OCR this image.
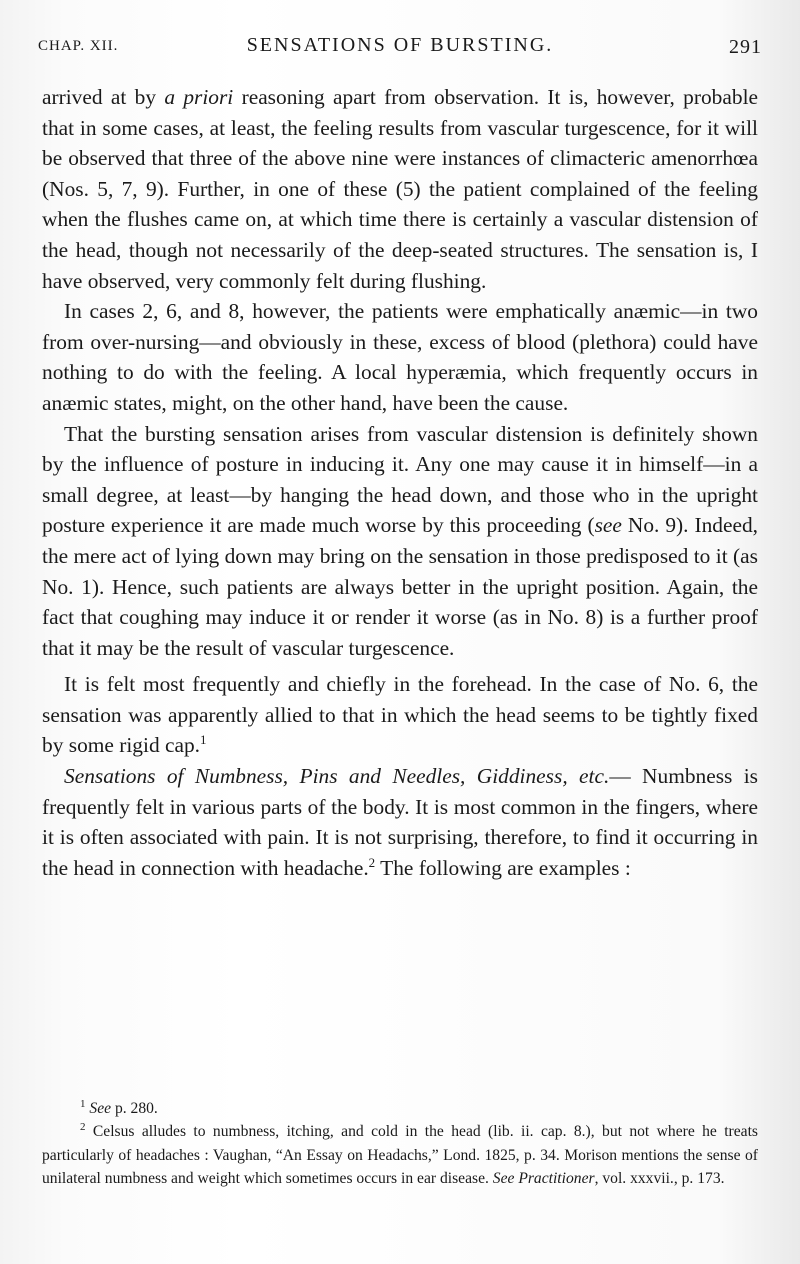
CHAP. XII.	SENSATIONS OF BURSTING.	291

arrived at by a priori reasoning apart from observation. It is, however, probable that in some cases, at least, the feeling results from vascular turgescence, for it will be observed that three of the above nine were instances of climacteric amenorrhœa (Nos. 5, 7, 9). Further, in one of these (5) the patient complained of the feeling when the flushes came on, at which time there is certainly a vascular distension of the head, though not necessarily of the deep-seated structures. The sensation is, I have observed, very commonly felt during flushing.

In cases 2, 6, and 8, however, the patients were emphatically anæmic—in two from over-nursing—and obviously in these, excess of blood (plethora) could have nothing to do with the feeling. A local hyperæmia, which frequently occurs in anæmic states, might, on the other hand, have been the cause.

That the bursting sensation arises from vascular distension is definitely shown by the influence of posture in inducing it. Any one may cause it in himself—in a small degree, at least—by hanging the head down, and those who in the upright posture experience it are made much worse by this proceeding (see No. 9). Indeed, the mere act of lying down may bring on the sensation in those predisposed to it (as No. 1). Hence, such patients are always better in the upright position. Again, the fact that coughing may induce it or render it worse (as in No. 8) is a further proof that it may be the result of vascular turgescence.

It is felt most frequently and chiefly in the forehead. In the case of No. 6, the sensation was apparently allied to that in which the head seems to be tightly fixed by some rigid cap.$^1$

Sensations of Numbness, Pins and Needles, Giddiness, etc.— Numbness is frequently felt in various parts of the body. It is most common in the fingers, where it is often associated with pain. It is not surprising, therefore, to find it occurring in the head in connection with headache.$^2$ The following are examples :

$^1$ See p. 280.

$^2$ Celsus alludes to numbness, itching, and cold in the head (lib. ii. cap. 8.), but not where he treats particularly of headaches : Vaughan, “An Essay on Headachs,” Lond. 1825, p. 34. Morison mentions the sense of unilateral numbness and weight which sometimes occurs in ear disease. See Practitioner, vol. xxxvii., p. 173.
